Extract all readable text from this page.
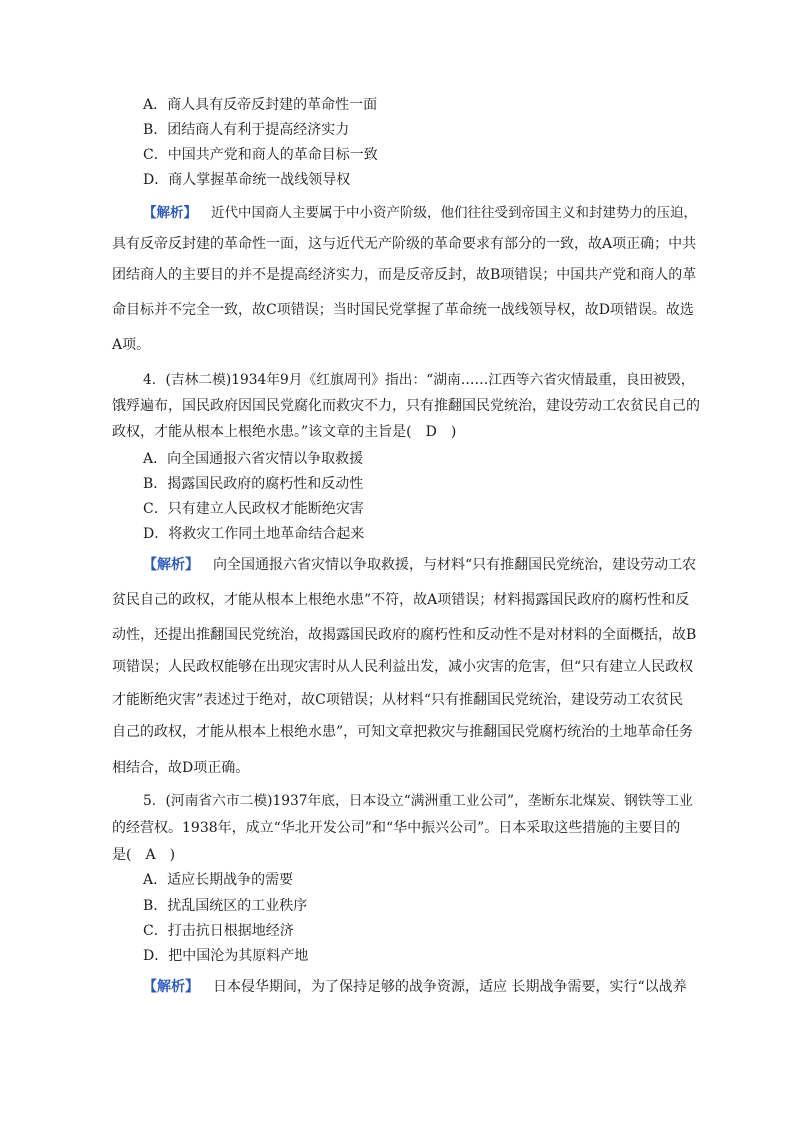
A．商人具有反帝反封建的革命性一面
B．团结商人有利于提高经济实力
C．中国共产党和商人的革命目标一致
D．商人掌握革命统一战线领导权
【解析】 近代中国商人主要属于中小资产阶级，他们往往受到帝国主义和封建势力的压迫，
具有反帝反封建的革命性一面，这与近代无产阶级的革命要求有部分的一致，故A项正确；中共
团结商人的主要目的并不是提高经济实力，而是反帝反封，故B项错误；中国共产党和商人的革
命目标并不完全一致，故C项错误；当时国民党掌握了革命统一战线领导权，故D项错误。故选
A项。
4．(吉林二模)1934年9月《红旗周刊》指出：“湖南……江西等六省灾情最重，良田被毁，
饿殍遍布，国民政府因国民党腐化而救灾不力，只有推翻国民党统治，建设劳动工农贫民自己的
政权，才能从根本上根绝水患。”该文章的主旨是(　D　)
A．向全国通报六省灾情以争取救援
B．揭露国民政府的腐朽性和反动性
C．只有建立人民政权才能断绝灾害
D．将救灾工作同土地革命结合起来
【解析】 向全国通报六省灾情以争取救援，与材料“只有推翻国民党统治，建设劳动工农
贫民自己的政权，才能从根本上根绝水患”不符，故A项错误；材料揭露国民政府的腐朽性和反
动性，还提出推翻国民党统治，故揭露国民政府的腐朽性和反动性不是对材料的全面概括，故B
项错误；人民政权能够在出现灾害时从人民利益出发，减小灾害的危害，但“只有建立人民政权
才能断绝灾害”表述过于绝对，故C项错误；从材料“只有推翻国民党统治，建设劳动工农贫民
自己的政权，才能从根本上根绝水患”，可知文章把救灾与推翻国民党腐朽统治的土地革命任务
相结合，故D项正确。
5．(河南省六市二模)1937年底，日本设立“满洲重工业公司”，垄断东北煤炭、钢铁等工业
的经营权。1938年，成立“华北开发公司”和“华中振兴公司”。日本采取这些措施的主要目的
是(　A　)
A．适应长期战争的需要
B．扰乱国统区的工业秩序
C．打击抗日根据地经济
D．把中国沦为其原料产地
【解析】 日本侵华期间，为了保持足够的战争资源，适应 长期战争需要，实行“以战养
